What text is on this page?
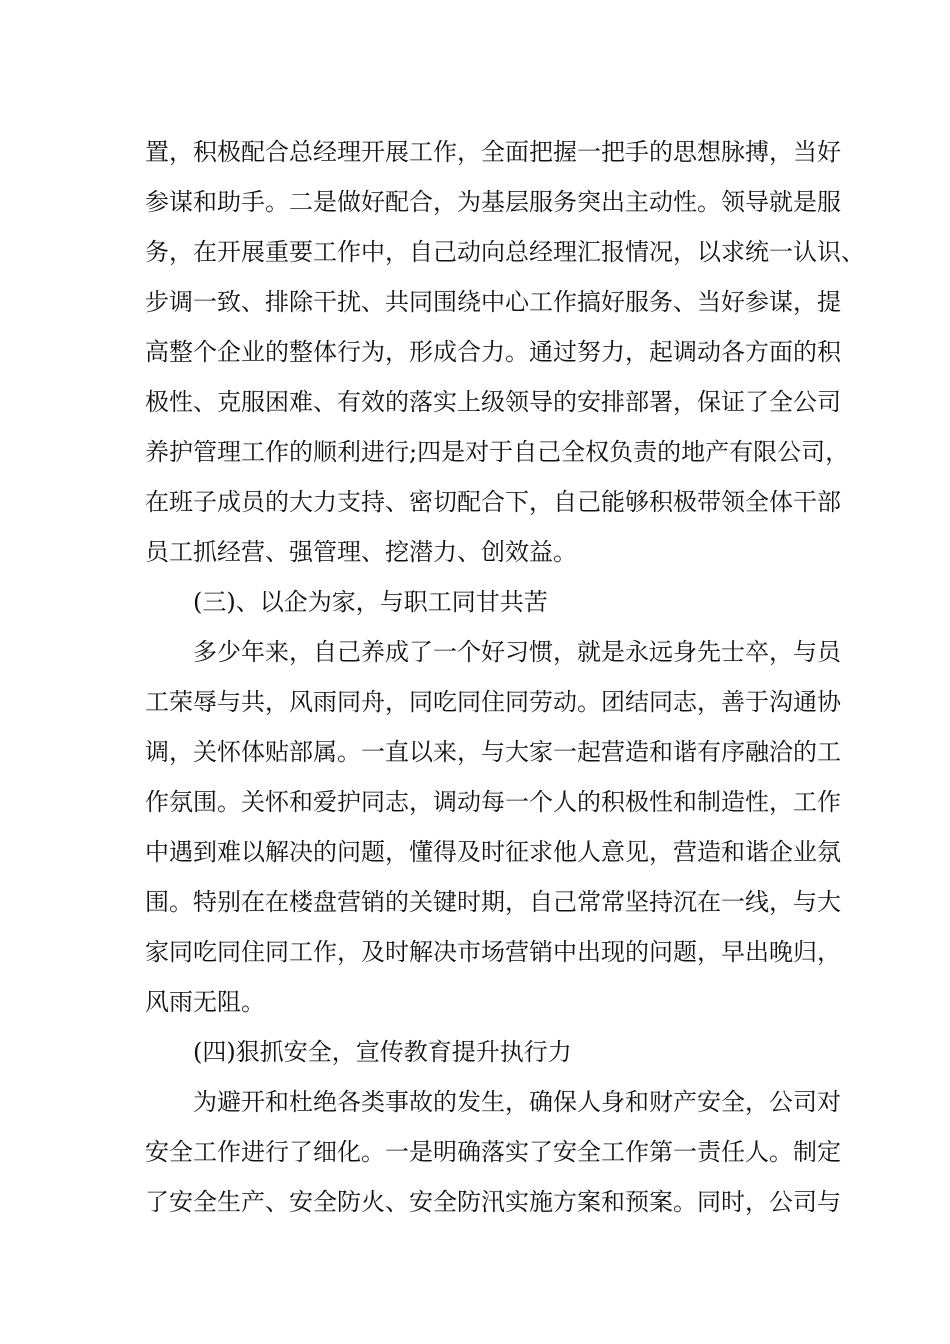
置，积极配合总经理开展工作，全面把握一把手的思想脉搏，当好
参谋和助手。二是做好配合，为基层服务突出主动性。领导就是服
务，在开展重要工作中，自己动向总经理汇报情况，以求统一认识、
步调一致、排除干扰、共同围绕中心工作搞好服务、当好参谋，提
高整个企业的整体行为，形成合力。通过努力，起调动各方面的积
极性、克服困难、有效的落实上级领导的安排部署，保证了全公司
养护管理工作的顺利进行;四是对于自己全权负责的地产有限公司，
在班子成员的大力支持、密切配合下，自己能够积极带领全体干部
员工抓经营、强管理、挖潜力、创效益。
(三)、以企为家，与职工同甘共苦
多少年来，自己养成了一个好习惯，就是永远身先士卒，与员
工荣辱与共，风雨同舟，同吃同住同劳动。团结同志，善于沟通协
调，关怀体贴部属。一直以来，与大家一起营造和谐有序融洽的工
作氛围。关怀和爱护同志，调动每一个人的积极性和制造性，工作
中遇到难以解决的问题，懂得及时征求他人意见，营造和谐企业氛
围。特别在在楼盘营销的关键时期，自己常常坚持沉在一线，与大
家同吃同住同工作，及时解决市场营销中出现的问题，早出晚归，
风雨无阻。
(四)狠抓安全，宣传教育提升执行力
为避开和杜绝各类事故的发生，确保人身和财产安全，公司对
安全工作进行了细化。一是明确落实了安全工作第一责任人。制定
了安全生产、安全防火、安全防汛实施方案和预案。同时，公司与
